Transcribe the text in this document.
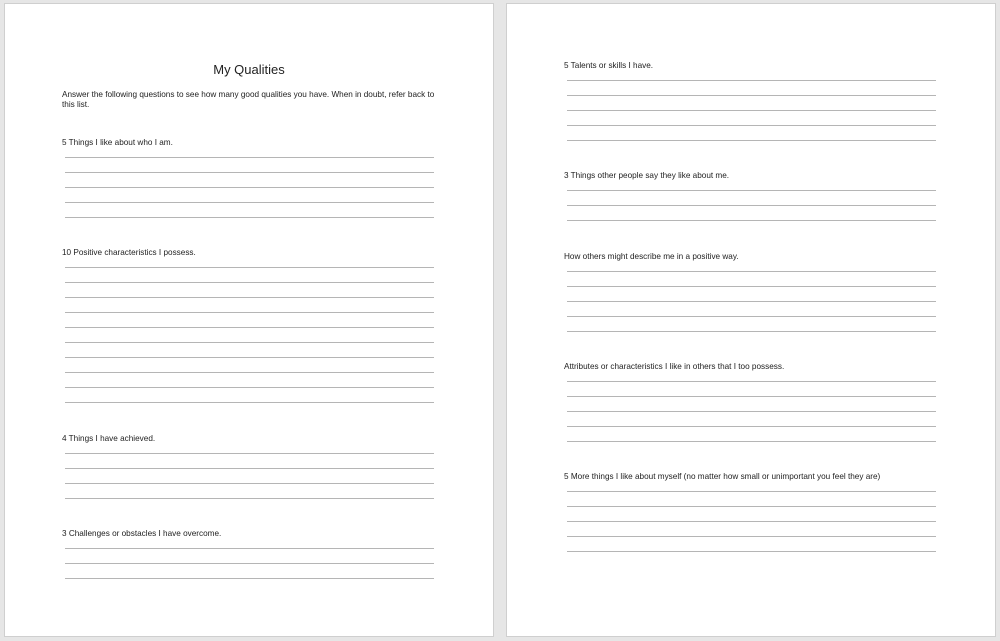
My Qualities
Answer the following questions to see how many good qualities you have. When in doubt, refer back to this list.
5 Things I like about who I am.
10 Positive characteristics I possess.
4 Things I have achieved.
3 Challenges or obstacles I have overcome.
5 Talents or skills I have.
3 Things other people say they like about me.
How others might describe me in a positive way.
Attributes or characteristics I like in others that I too possess.
5 More things I like about myself (no matter how small or unimportant you feel they are)
